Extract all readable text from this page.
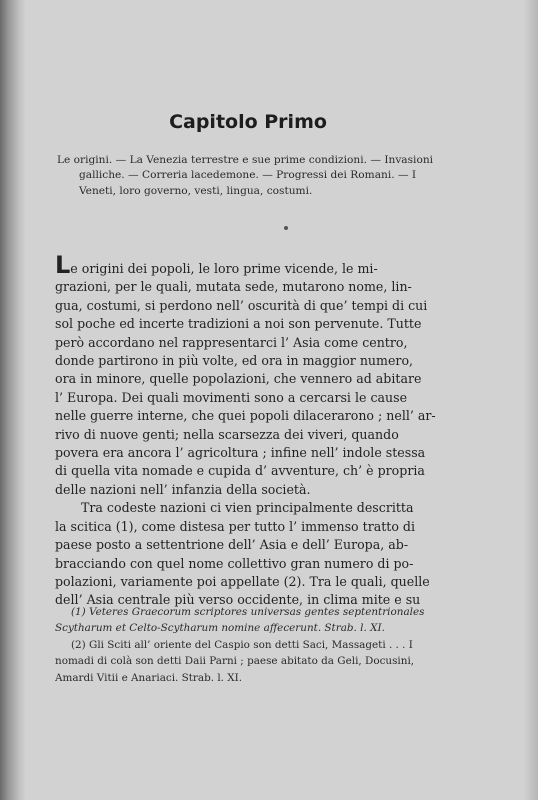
Capitolo Primo
Le origini. — La Venezia terrestre e sue prime condizioni. — Invasioni
galliche. — Correria lacedemone. — Progressi dei Romani. — I
Veneti, loro governo, vesti, lingua, costumi.
Le origini dei popoli, le loro prime vicende, le mi-
grazioni, per le quali, mutata sede, mutarono nome, lin-
gua, costumi, si perdono nell’ oscurità di que’ tempi di cui
sol poche ed incerte tradizioni a noi son pervenute. Tutte
però accordano nel rappresentarci l’ Asia come centro,
donde partirono in più volte, ed ora in maggior numero,
ora in minore, quelle popolazioni, che vennero ad abitare
l’ Europa. Dei quali movimenti sono a cercarsi le cause
nelle guerre interne, che quei popoli dilacerarono ; nell’ ar-
rivo di nuove genti; nella scarsezza dei viveri, quando
povera era ancora l’ agricoltura ; infine nell’ indole stessa
di quella vita nomade e cupida d’ avventure, ch’ è propria
delle nazioni nell’ infanzia della società.
Tra codeste nazioni ci vien principalmente descritta
la scitica (1), come distesa per tutto l’ immenso tratto di
paese posto a settentrione dell’ Asia e dell’ Europa, ab-
bracciando con quel nome collettivo gran numero di po-
polazioni, variamente poi appellate (2). Tra le quali, quelle
dell’ Asia centrale più verso occidente, in clima mite e su
(1) Veteres Graecorum scriptores universas gentes septentrionales
Scytharum et Celto-Scytharum nomine affecerunt. Strab. l. XI.
(2) Gli Sciti all’ oriente del Caspio son detti Saci, Massageti . . . I
nomadi di colà son detti Daii Parni ; paese abitato da Geli, Docusini,
Amardi Vitii e Anariaci. Strab. l. XI.
